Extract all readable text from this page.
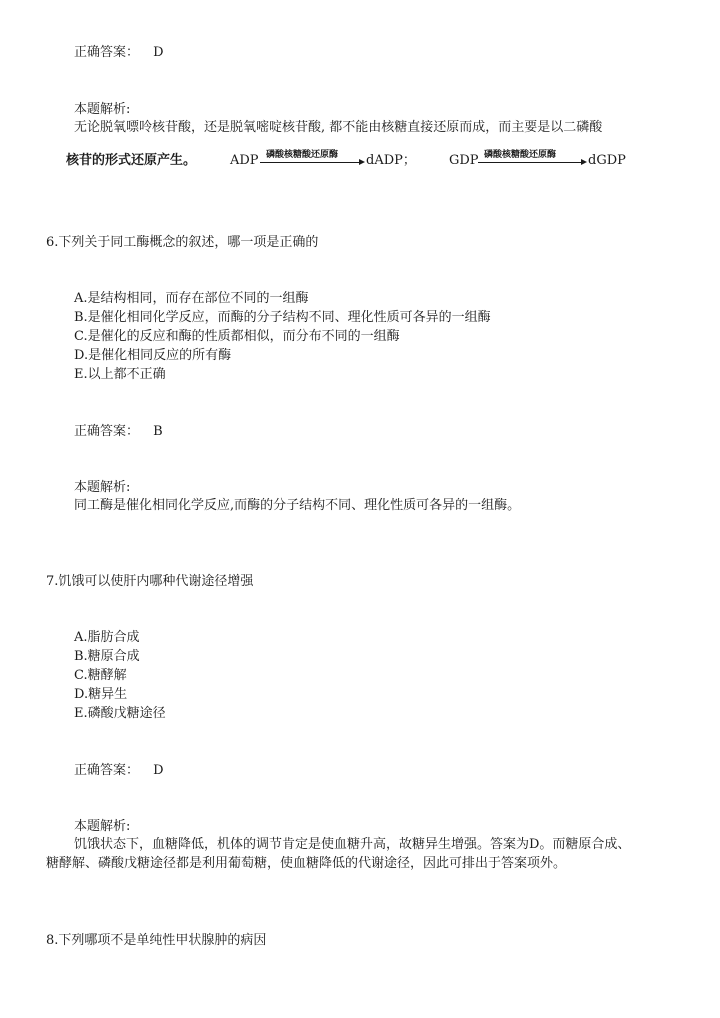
正确答案： D
本题解析:
无论脱氧嘌呤核苷酸，还是脱氧嘧啶核苷酸, 都不能由核糖直接还原而成，而主要是以二磷酸
核苷的形式还原产生。	ADP 磷酸核糖酸还原酶 dADP；	GDP 磷酸核糖酸还原酶 dGDP
6.下列关于同工酶概念的叙述，哪一项是正确的
A.是结构相同，而存在部位不同的一组酶
B.是催化相同化学反应，而酶的分子结构不同、理化性质可各异的一组酶
C.是催化的反应和酶的性质都相似，而分布不同的一组酶
D.是催化相同反应的所有酶
E.以上都不正确
正确答案： B
本题解析:
同工酶是催化相同化学反应,而酶的分子结构不同、理化性质可各异的一组酶。
7.饥饿可以使肝内哪种代谢途径增强
A.脂肪合成
B.糖原合成
C.糖酵解
D.糖异生
E.磷酸戊糖途径
正确答案： D
本题解析:
饥饿状态下，血糖降低，机体的调节肯定是使血糖升高，故糖异生增强。答案为D。而糖原合成、
糖酵解、磷酸戊糖途径都是利用葡萄糖，使血糖降低的代谢途径，因此可排出于答案项外。
8.下列哪项不是单纯性甲状腺肿的病因
